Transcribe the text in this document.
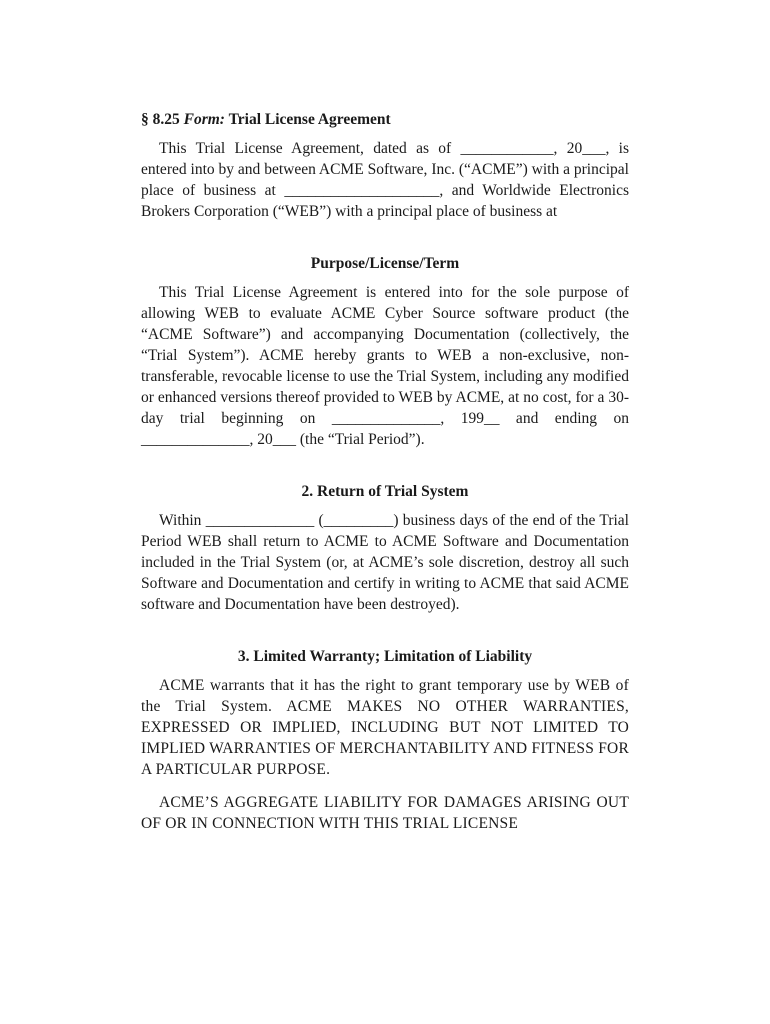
§ 8.25 Form: Trial License Agreement

This Trial License Agreement, dated as of ____________, 20___, is entered into by and between ACME Software, Inc. (“ACME”) with a principal place of business at ____________________, and Worldwide Electronics Brokers Corporation (“WEB”) with a principal place of business at

Purpose/License/Term

This Trial License Agreement is entered into for the sole purpose of allowing WEB to evaluate ACME Cyber Source software product (the “ACME Software”) and accompanying Documentation (collectively, the “Trial System”). ACME hereby grants to WEB a non-exclusive, non-transferable, revocable license to use the Trial System, including any modified or enhanced versions thereof provided to WEB by ACME, at no cost, for a 30-day trial beginning on ______________, 199__ and ending on ______________, 20___ (the “Trial Period”).

2. Return of Trial System

Within ______________ (_________) business days of the end of the Trial Period WEB shall return to ACME to ACME Software and Documentation included in the Trial System (or, at ACME’s sole discretion, destroy all such Software and Documentation and certify in writing to ACME that said ACME software and Documentation have been destroyed).

3. Limited Warranty; Limitation of Liability

ACME warrants that it has the right to grant temporary use by WEB of the Trial System. ACME MAKES NO OTHER WARRANTIES, EXPRESSED OR IMPLIED, INCLUDING BUT NOT LIMITED TO IMPLIED WARRANTIES OF MERCHANTABILITY AND FITNESS FOR A PARTICULAR PURPOSE.

ACME’S AGGREGATE LIABILITY FOR DAMAGES ARISING OUT OF OR IN CONNECTION WITH THIS TRIAL LICENSE
